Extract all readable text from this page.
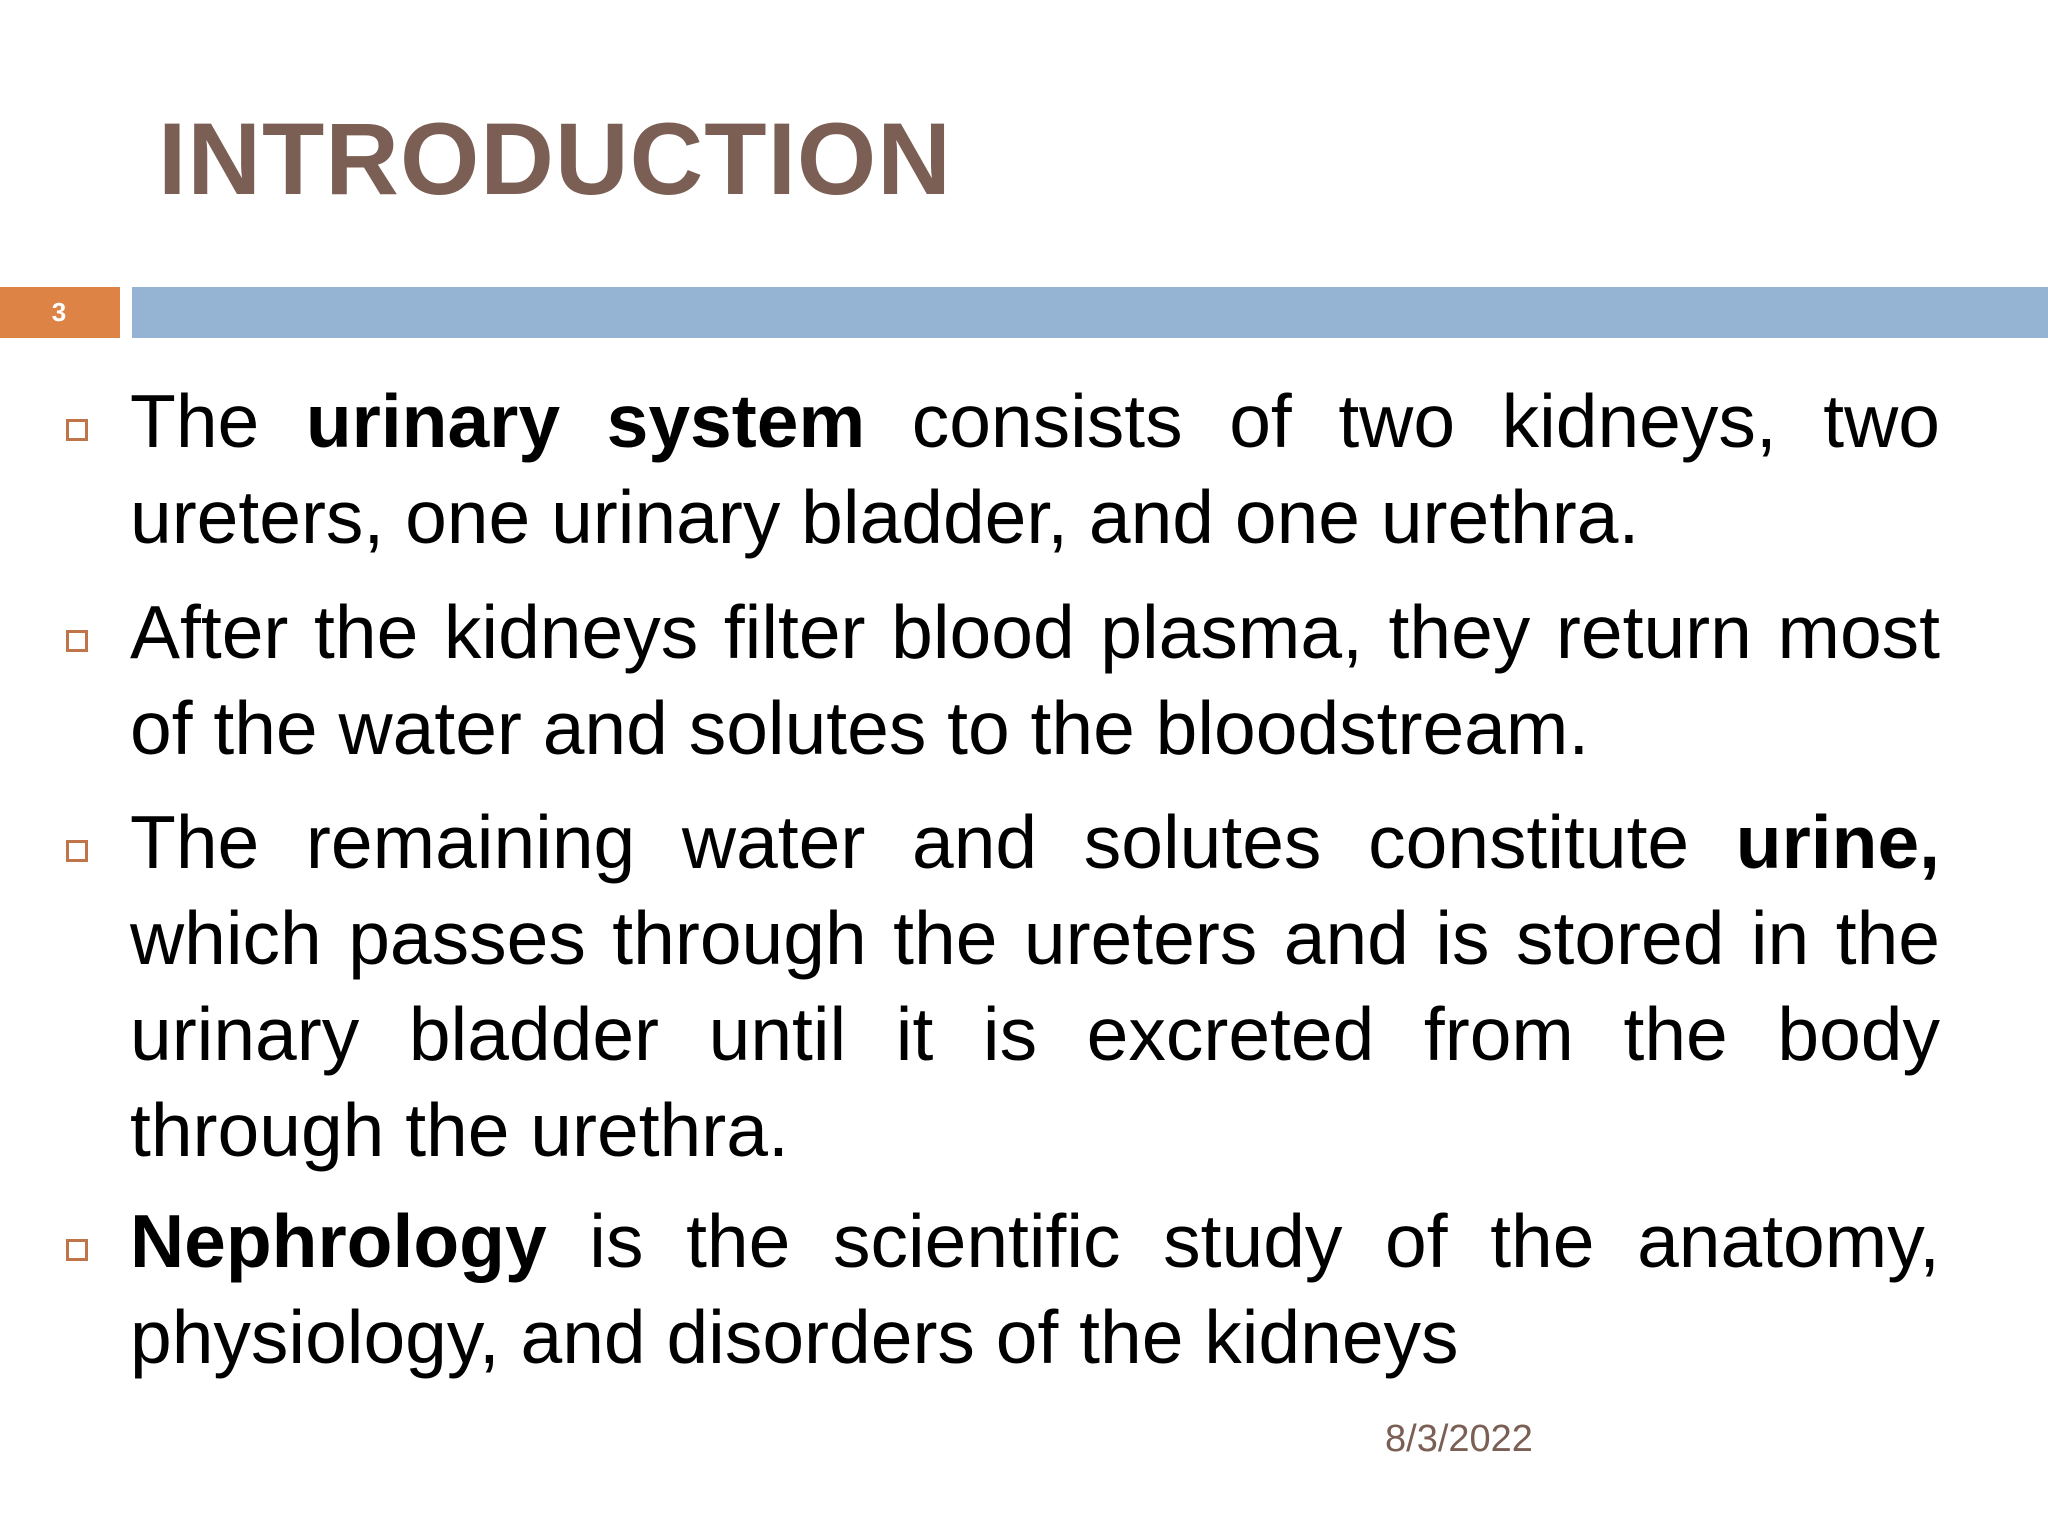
INTRODUCTION
3
The urinary system consists of two kidneys, two ureters, one urinary bladder, and one urethra.
After the kidneys filter blood plasma, they return most of the water and solutes to the bloodstream.
The remaining water and solutes constitute urine, which passes through the ureters and is stored in the urinary bladder until it is excreted from the body through the urethra.
Nephrology is the scientific study of the anatomy, physiology, and disorders of the kidneys
8/3/2022
